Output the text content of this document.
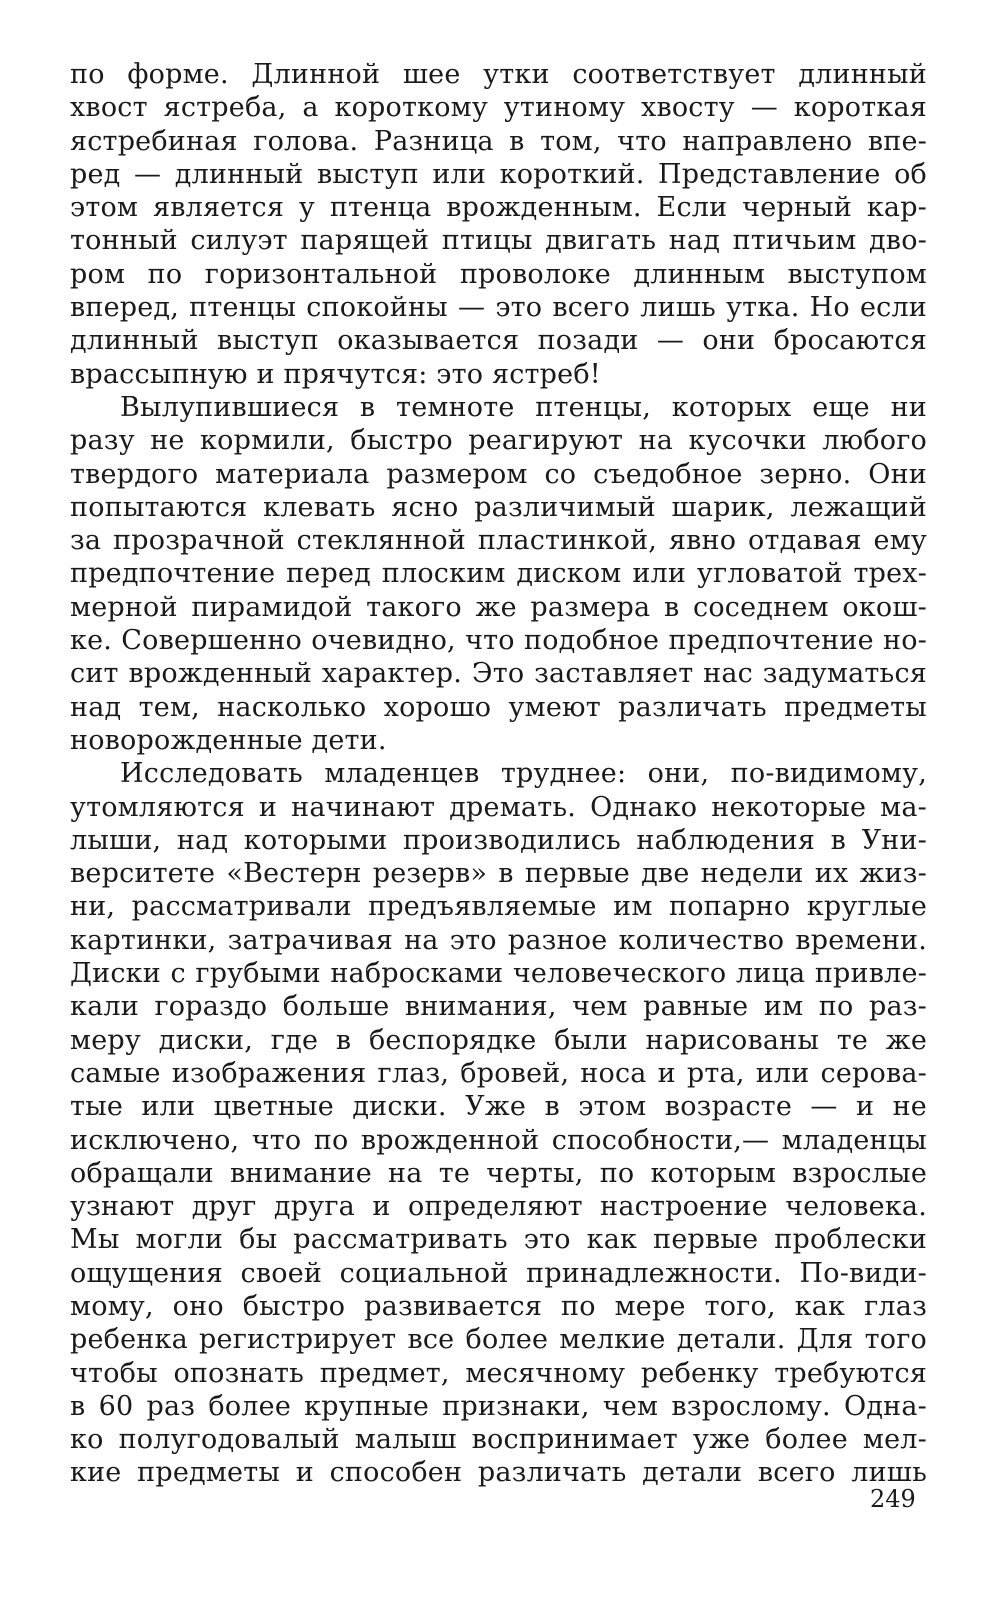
по форме. Длинной шее утки соответствует длинный
хвост ястреба, а короткому утиному хвосту — короткая
ястребиная голова. Разница в том, что направлено впе-
ред — длинный выступ или короткий. Представление об
этом является у птенца врожденным. Если черный кар-
тонный силуэт парящей птицы двигать над птичьим дво-
ром по горизонтальной проволоке длинным выступом
вперед, птенцы спокойны — это всего лишь утка. Но если
длинный выступ оказывается позади — они бросаются
врассыпную и прячутся: это ястреб!
Вылупившиеся в темноте птенцы, которых еще ни
разу не кормили, быстро реагируют на кусочки любого
твердого материала размером со съедобное зерно. Они
попытаются клевать ясно различимый шарик, лежащий
за прозрачной стеклянной пластинкой, явно отдавая ему
предпочтение перед плоским диском или угловатой трех-
мерной пирамидой такого же размера в соседнем окош-
ке. Совершенно очевидно, что подобное предпочтение но-
сит врожденный характер. Это заставляет нас задуматься
над тем, насколько хорошо умеют различать предметы
новорожденные дети.
Исследовать младенцев труднее: они, по-видимому,
утомляются и начинают дремать. Однако некоторые ма-
лыши, над которыми производились наблюдения в Уни-
верситете «Вестерн резерв» в первые две недели их жиз-
ни, рассматривали предъявляемые им попарно круглые
картинки, затрачивая на это разное количество времени.
Диски с грубыми набросками человеческого лица привле-
кали гораздо больше внимания, чем равные им по раз-
меру диски, где в беспорядке были нарисованы те же
самые изображения глаз, бровей, носа и рта, или серова-
тые или цветные диски. Уже в этом возрасте — и не
исключено, что по врожденной способности,— младенцы
обращали внимание на те черты, по которым взрослые
узнают друг друга и определяют настроение человека.
Мы могли бы рассматривать это как первые проблески
ощущения своей социальной принадлежности. По-види-
мому, оно быстро развивается по мере того, как глаз
ребенка регистрирует все более мелкие детали. Для того
чтобы опознать предмет, месячному ребенку требуются
в 60 раз более крупные признаки, чем взрослому. Одна-
ко полугодовалый малыш воспринимает уже более мел-
кие предметы и способен различать детали всего лишь
249
